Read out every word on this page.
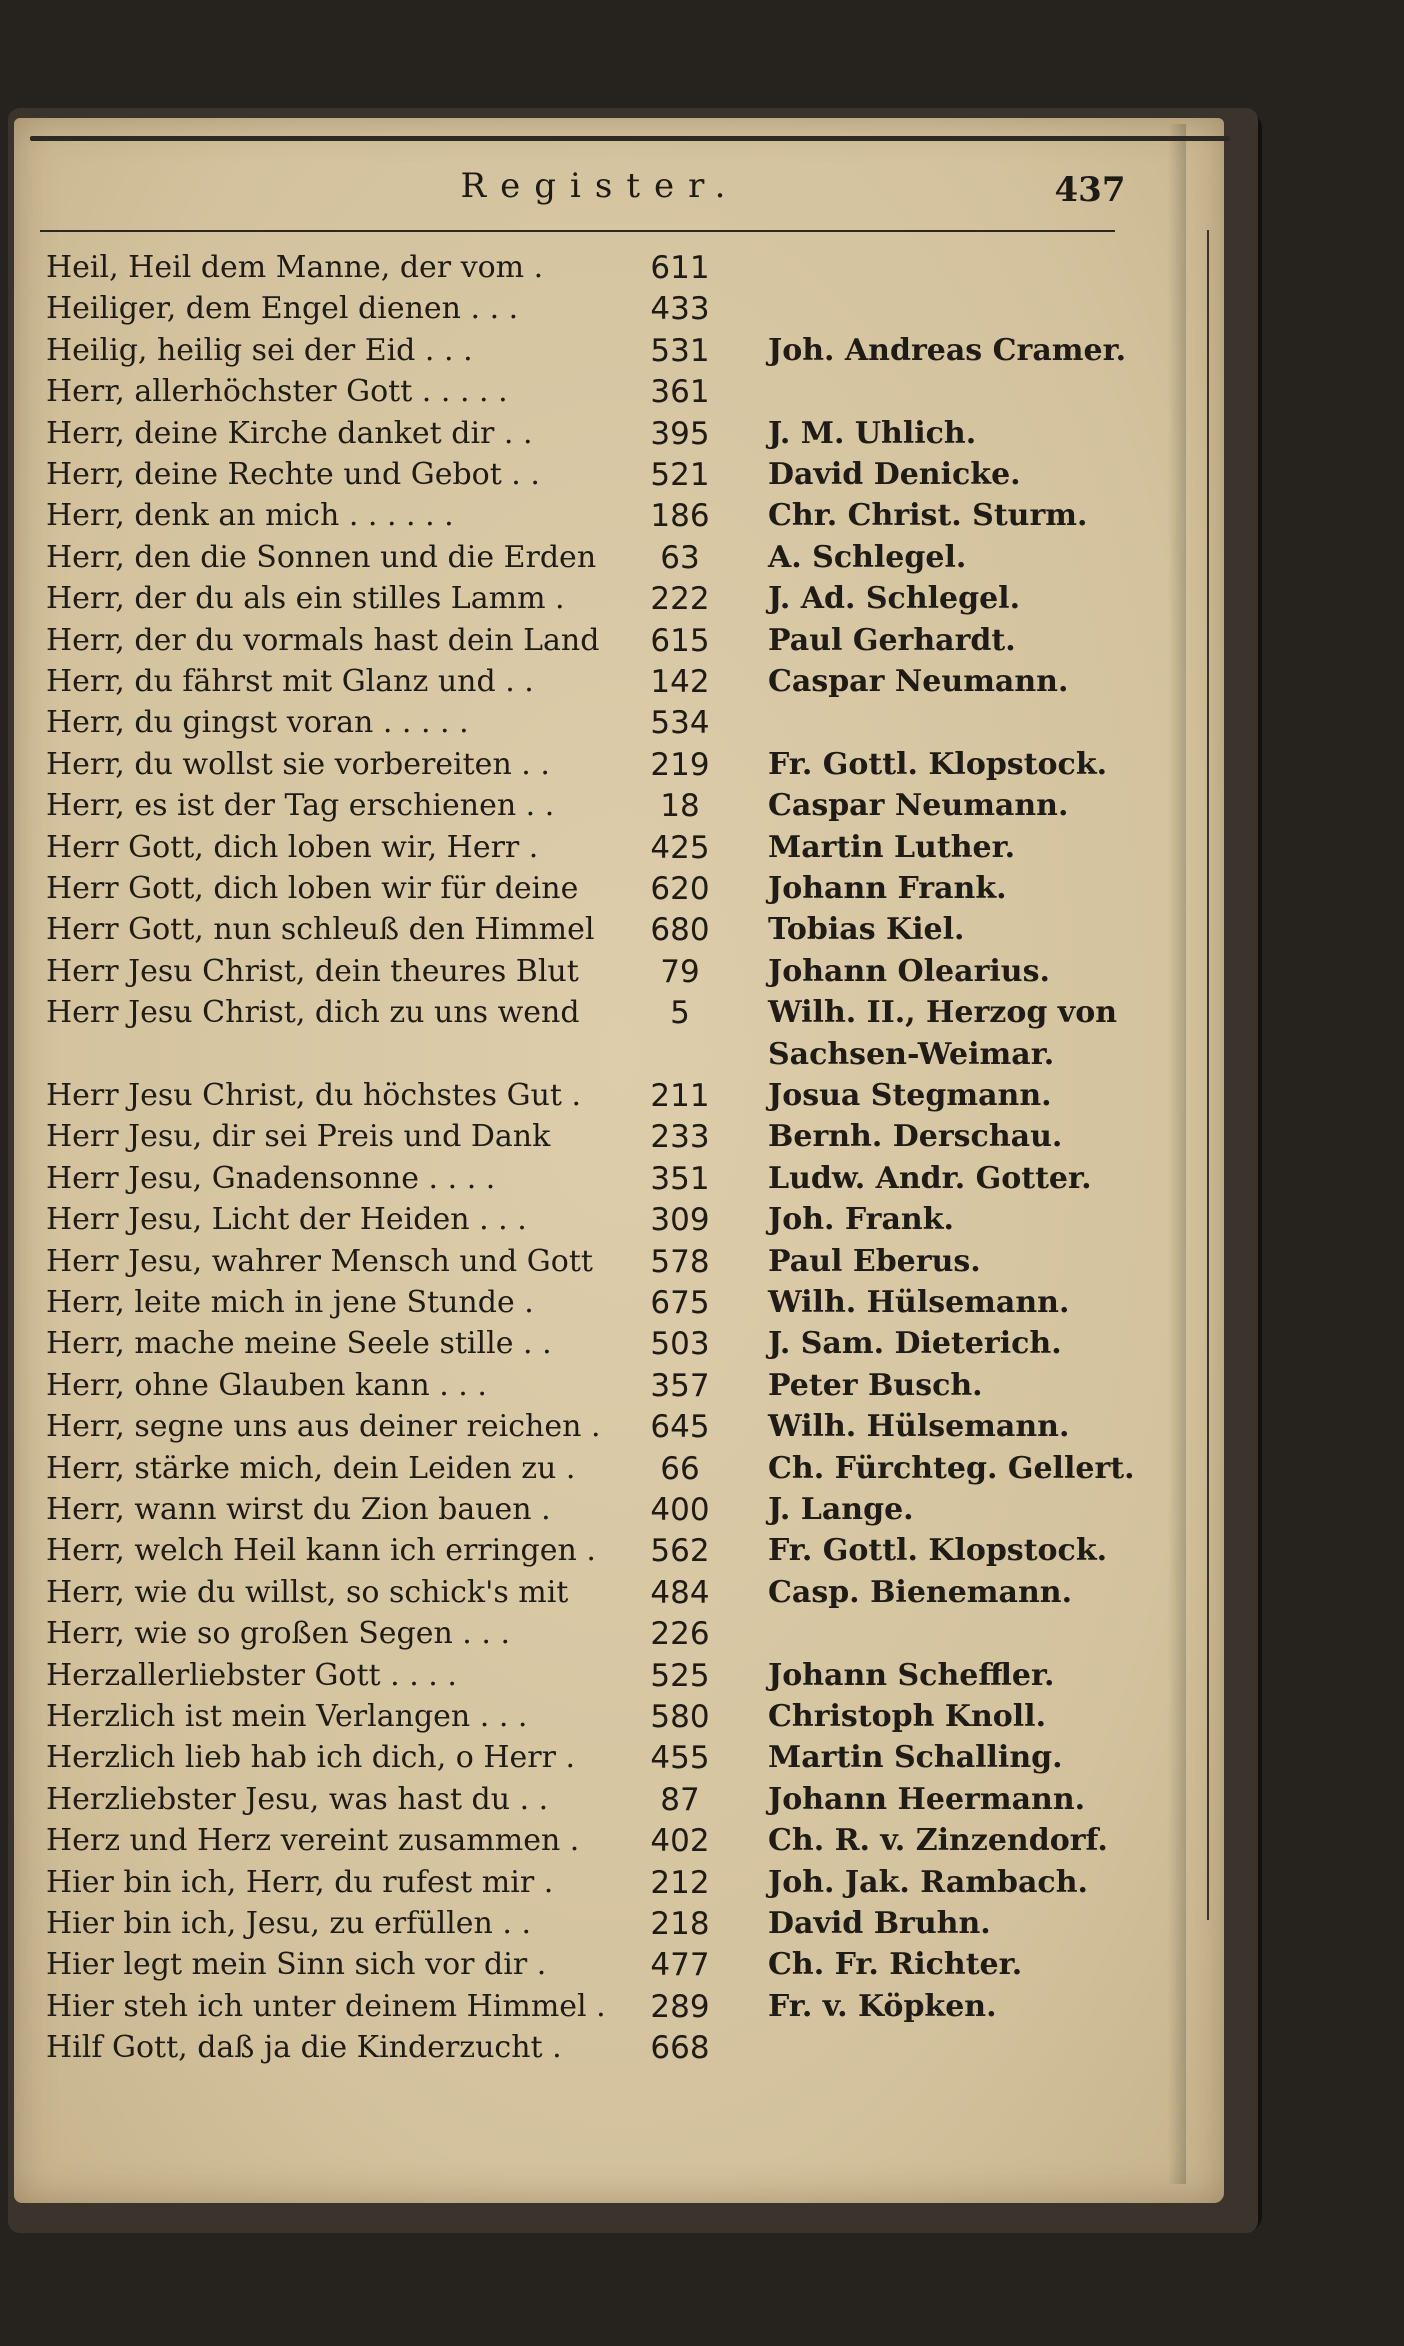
Register.	437
Heil, Heil dem Manne, der vom .	611
Heiliger, dem Engel dienen . . .	433
Heilig, heilig sei der Eid . . .	531	Joh. Andreas Cramer.
Herr, allerhöchster Gott . . . . .	361
Herr, deine Kirche danket dir . .	395	J. M. Uhlich.
Herr, deine Rechte und Gebot . .	521	David Denicke.
Herr, denk an mich . . . . . .	186	Chr. Christ. Sturm.
Herr, den die Sonnen und die Erden	63	A. Schlegel.
Herr, der du als ein stilles Lamm .	222	J. Ad. Schlegel.
Herr, der du vormals hast dein Land	615	Paul Gerhardt.
Herr, du fährst mit Glanz und . .	142	Caspar Neumann.
Herr, du gingst voran . . . . .	534
Herr, du wollst sie vorbereiten . .	219	Fr. Gottl. Klopstock.
Herr, es ist der Tag erschienen . .	18	Caspar Neumann.
Herr Gott, dich loben wir, Herr .	425	Martin Luther.
Herr Gott, dich loben wir für deine	620	Johann Frank.
Herr Gott, nun schleuß den Himmel	680	Tobias Kiel.
Herr Jesu Christ, dein theures Blut	79	Johann Olearius.
Herr Jesu Christ, dich zu uns wend	5	Wilh. II., Herzog von
Sachsen-Weimar.
Herr Jesu Christ, du höchstes Gut .	211	Josua Stegmann.
Herr Jesu, dir sei Preis und Dank	233	Bernh. Derschau.
Herr Jesu, Gnadensonne . . . .	351	Ludw. Andr. Gotter.
Herr Jesu, Licht der Heiden . . .	309	Joh. Frank.
Herr Jesu, wahrer Mensch und Gott	578	Paul Eberus.
Herr, leite mich in jene Stunde .	675	Wilh. Hülsemann.
Herr, mache meine Seele stille . .	503	J. Sam. Dieterich.
Herr, ohne Glauben kann . . .	357	Peter Busch.
Herr, segne uns aus deiner reichen .	645	Wilh. Hülsemann.
Herr, stärke mich, dein Leiden zu .	66	Ch. Fürchteg. Gellert.
Herr, wann wirst du Zion bauen .	400	J. Lange.
Herr, welch Heil kann ich erringen .	562	Fr. Gottl. Klopstock.
Herr, wie du willst, so schick's mit	484	Casp. Bienemann.
Herr, wie so großen Segen . . .	226
Herzallerliebster Gott . . . .	525	Johann Scheffler.
Herzlich ist mein Verlangen . . .	580	Christoph Knoll.
Herzlich lieb hab ich dich, o Herr .	455	Martin Schalling.
Herzliebster Jesu, was hast du . .	87	Johann Heermann.
Herz und Herz vereint zusammen .	402	Ch. R. v. Zinzendorf.
Hier bin ich, Herr, du rufest mir .	212	Joh. Jak. Rambach.
Hier bin ich, Jesu, zu erfüllen . .	218	David Bruhn.
Hier legt mein Sinn sich vor dir .	477	Ch. Fr. Richter.
Hier steh ich unter deinem Himmel .	289	Fr. v. Köpken.
Hilf Gott, daß ja die Kinderzucht .	668
